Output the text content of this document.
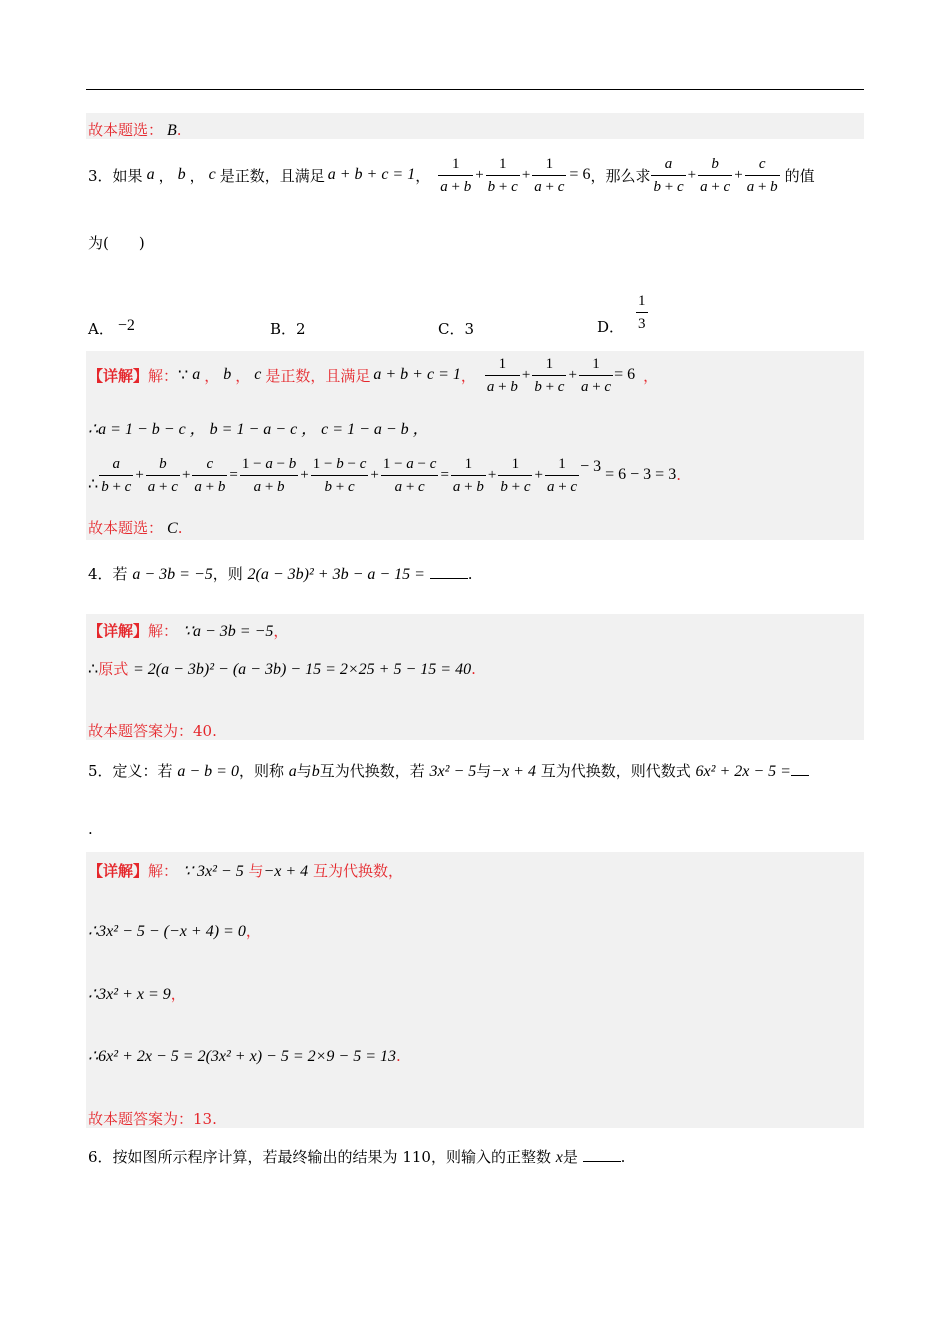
故本题选： B.
3． 如果 a ， b ， c 是正数，且满足 a + b + c = 1 ， $\frac{1}{a + b} + \frac{1}{b + c} + \frac{1}{a + c} = 6$ ，那么求 $\frac{a}{b + c} + \frac{b}{a + c} + \frac{c}{a + b}$ 的值
为(　　)
A． −2	B．2	C．3	D． $\frac{1}{3}$
【详解】 解： ∵ a ， b ， c 是正数，且满足 a + b + c = 1 ， $\frac{1}{a + b} + \frac{1}{b + c} + \frac{1}{a + c} = 6$ ，
∴a = 1 − b − c ， b = 1 − a − c ， c = 1 − a − b ，
∴ $\frac{a}{b + c} + \frac{b}{a + c} + \frac{c}{a + b} = \frac{1 - a - b}{a + b} + \frac{1 - b - c}{b + c} + \frac{1 - a - c}{a + c} = \frac{1}{a + b} + \frac{1}{b + c} + \frac{1}{a + c} - 3 = 6 - 3 = 3$ .
故本题选： C.
4．若 a − 3b = −5，则 2(a − 3b)² + 3b − a − 15 =	.
【详解】解： ∵a − 3b = −5，
∴原式 = 2(a − 3b)² − (a − 3b) − 15 = 2×25 + 5 − 15 = 40.
故本题答案为：40.
5．定义：若 a − b = 0，则称 a与b互为代换数，若 3x² − 5与−x + 4 互为代换数，则代数式 6x² + 2x − 5 =
.
【详解】解： ∵ 3x² − 5 与−x + 4 互为代换数，
∴3x² − 5 − (−x + 4) = 0，
∴3x² + x = 9，
∴6x² + 2x − 5 = 2(3x² + x) − 5 = 2×9 − 5 = 13.
故本题答案为：13.
6．按如图所示程序计算，若最终输出的结果为 110，则输入的正整数 x是	.
